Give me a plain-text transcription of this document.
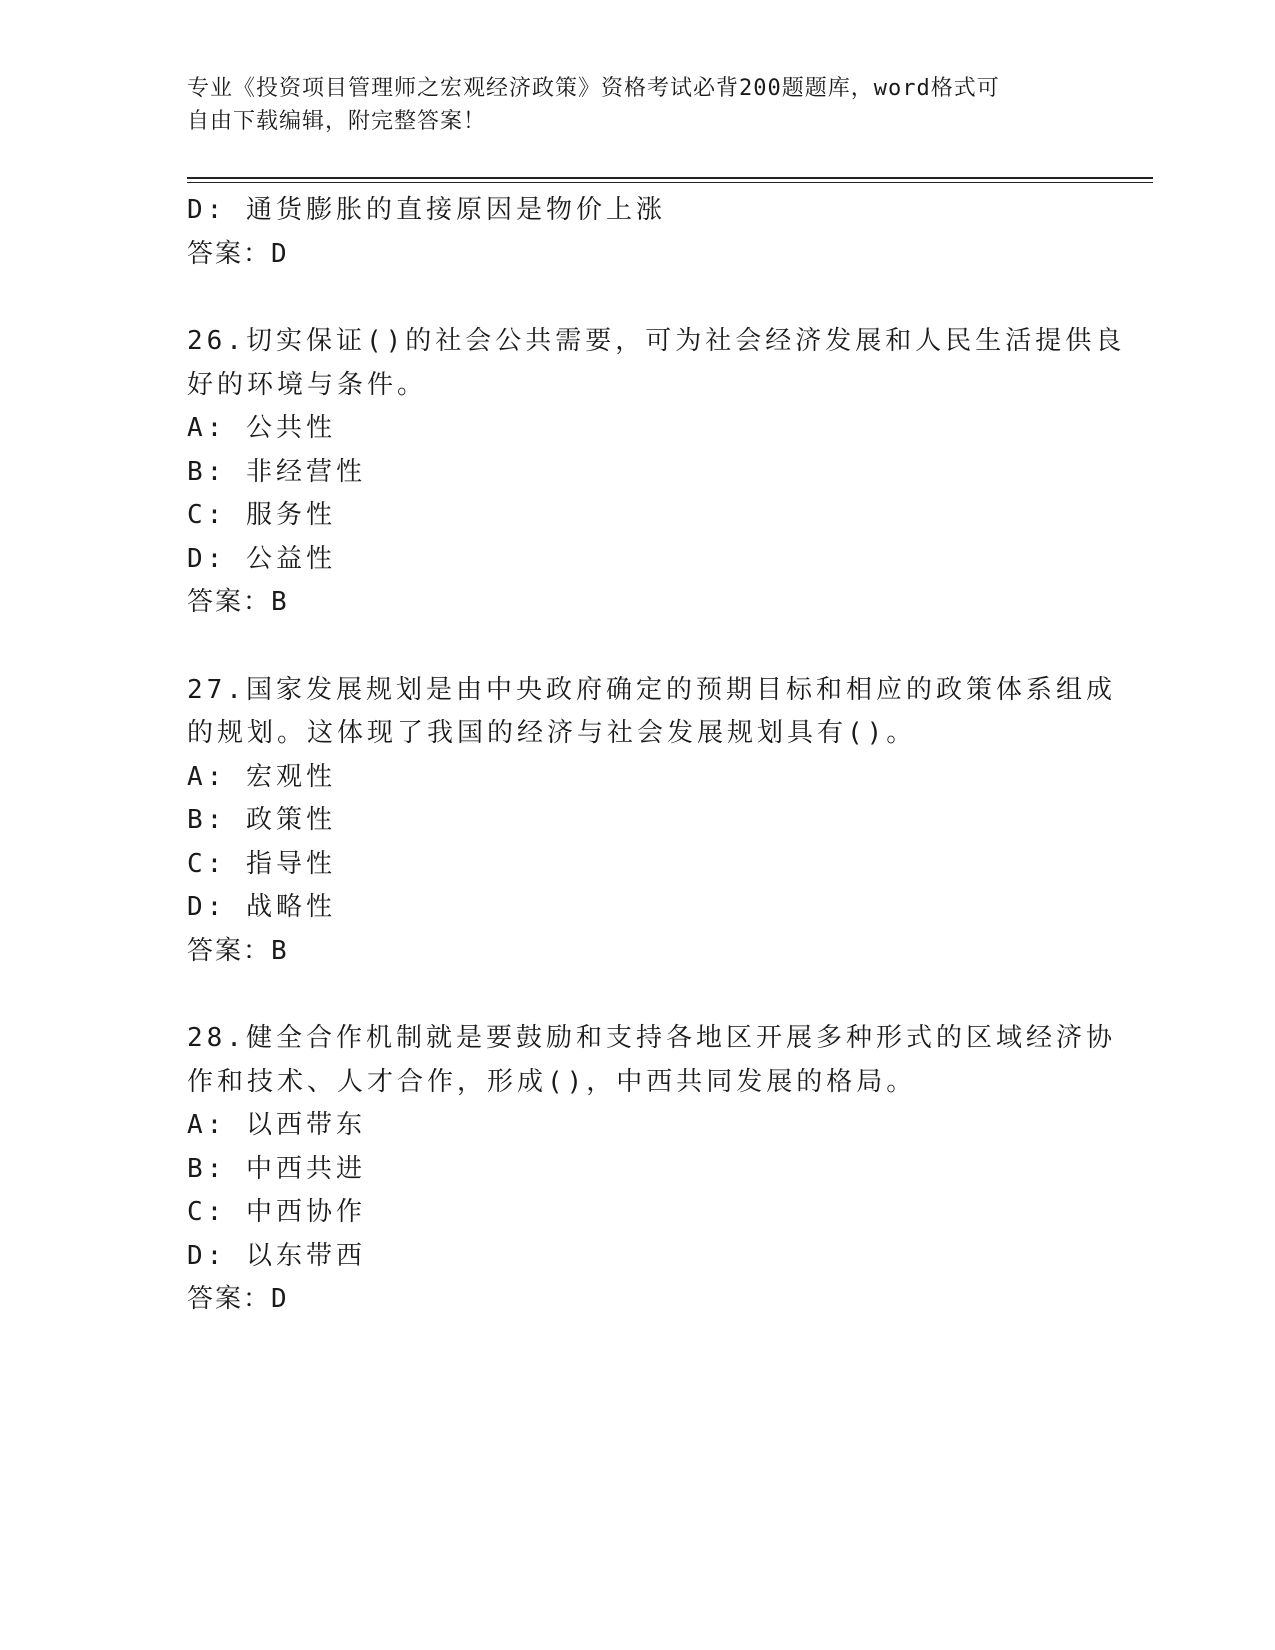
专业《投资项目管理师之宏观经济政策》资格考试必背200题题库，word格式可
自由下载编辑，附完整答案！
D: 通货膨胀的直接原因是物价上涨
答案：D
26.切实保证()的社会公共需要，可为社会经济发展和人民生活提供良
好的环境与条件。
A: 公共性
B: 非经营性
C: 服务性
D: 公益性
答案：B
27.国家发展规划是由中央政府确定的预期目标和相应的政策体系组成
的规划。这体现了我国的经济与社会发展规划具有()。
A: 宏观性
B: 政策性
C: 指导性
D: 战略性
答案：B
28.健全合作机制就是要鼓励和支持各地区开展多种形式的区域经济协
作和技术、人才合作，形成()，中西共同发展的格局。
A: 以西带东
B: 中西共进
C: 中西协作
D: 以东带西
答案：D
